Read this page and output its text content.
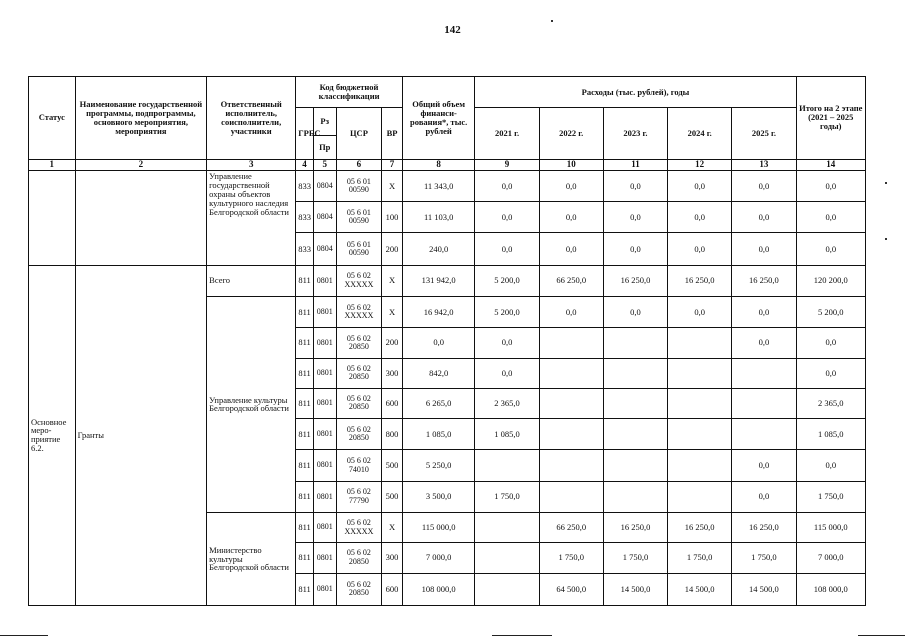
142
Статус	Наименование государственной программы, подпрограммы, основного мероприятия, мероприятия	Ответственный исполнитель, соисполнители, участники	Код бюджетной классификации				Общий объем финанси-рования*, тыс. рублей	Расходы (тыс. рублей), годы					Итого на 2 этапе (2021 – 2025 годы)
			ГРБС	Рз	ЦСР	ВР		2021 г.	2022 г.	2023 г.	2024 г.	2025 г.	
				Пр									
1	2	3	4	5	6	7	8	9	10	11	12	13	14
		Управление государственной охраны объектов культурного наследия Белгородской области	833	0804	05 6 01 00590	Х	11 343,0	0,0	0,0	0,0	0,0	0,0	0,0
			833	0804	05 6 01 00590	100	11 103,0	0,0	0,0	0,0	0,0	0,0	0,0
			833	0804	05 6 01 00590	200	240,0	0,0	0,0	0,0	0,0	0,0	0,0
Основное меро-приятие 6.2.	Гранты	Всего	811	0801	05 6 02 XXXXX	Х	131 942,0	5 200,0	66 250,0	16 250,0	16 250,0	16 250,0	120 200,0
		Управление культуры Белгородской области	811	0801	05 6 02 XXXXX	Х	16 942,0	5 200,0	0,0	0,0	0,0	0,0	5 200,0
			811	0801	05 6 02 20850	200	0,0	0,0				0,0	0,0
			811	0801	05 6 02 20850	300	842,0	0,0					0,0
			811	0801	05 6 02 20850	600	6 265,0	2 365,0					2 365,0
			811	0801	05 6 02 20850	800	1 085,0	1 085,0					1 085,0
			811	0801	05 6 02 74010	500	5 250,0					0,0	0,0
			811	0801	05 6 02 77790	500	3 500,0	1 750,0				0,0	1 750,0
		Министерство культуры Белгородской области	811	0801	05 6 02 XXXXX	Х	115 000,0		66 250,0	16 250,0	16 250,0	16 250,0	115 000,0
			811	0801	05 6 02 20850	300	7 000,0		1 750,0	1 750,0	1 750,0	1 750,0	7 000,0
			811	0801	05 6 02 20850	600	108 000,0		64 500,0	14 500,0	14 500,0	14 500,0	108 000,0
